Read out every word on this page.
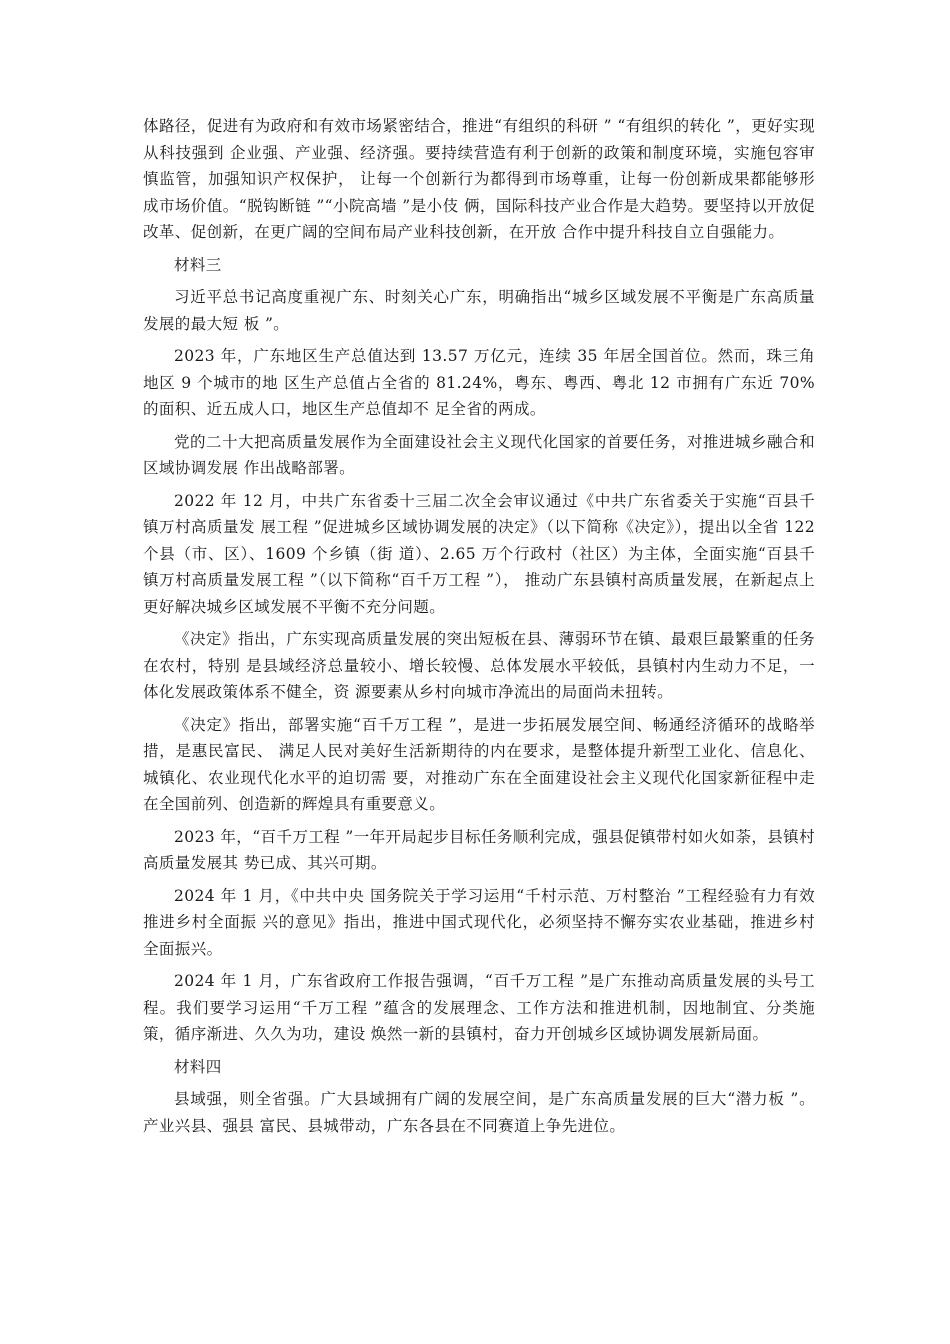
体路径，促进有为政府和有效市场紧密结合，推进“有组织的科研 ” “有组织的转化 ”，更好实现从科技强到 企业强、产业强、经济强。要持续营造有利于创新的政策和制度环境，实施包容审慎监管，加强知识产权保护， 让每一个创新行为都得到市场尊重，让每一份创新成果都能够形成市场价值。“脱钩断链 ”“小院高墙 ”是小伎 俩，国际科技产业合作是大趋势。要坚持以开放促改革、促创新，在更广阔的空间布局产业科技创新，在开放 合作中提升科技自立自强能力。

材料三

习近平总书记高度重视广东、时刻关心广东，明确指出“城乡区域发展不平衡是广东高质量发展的最大短 板 ”。

2023 年，广东地区生产总值达到 13.57 万亿元，连续 35 年居全国首位。然而，珠三角地区 9 个城市的地 区生产总值占全省的 81.24%，粤东、粤西、粤北 12 市拥有广东近 70%的面积、近五成人口，地区生产总值却不 足全省的两成。

党的二十大把高质量发展作为全面建设社会主义现代化国家的首要任务，对推进城乡融合和区域协调发展 作出战略部署。

2022 年 12 月，中共广东省委十三届二次全会审议通过《中共广东省委关于实施“百县千镇万村高质量发 展工程 ”促进城乡区域协调发展的决定》（以下简称《决定》），提出以全省 122 个县（市、区）、1609 个乡镇（街 道）、2.65 万个行政村（社区）为主体，全面实施“百县千镇万村高质量发展工程 ”（以下简称“百千万工程 ”）， 推动广东县镇村高质量发展，在新起点上更好解决城乡区域发展不平衡不充分问题。

《决定》指出，广东实现高质量发展的突出短板在县、薄弱环节在镇、最艰巨最繁重的任务在农村，特别 是县域经济总量较小、增长较慢、总体发展水平较低，县镇村内生动力不足，一体化发展政策体系不健全，资 源要素从乡村向城市净流出的局面尚未扭转。

《决定》指出，部署实施“百千万工程 ”，是进一步拓展发展空间、畅通经济循环的战略举措，是惠民富民、 满足人民对美好生活新期待的内在要求，是整体提升新型工业化、信息化、城镇化、农业现代化水平的迫切需 要，对推动广东在全面建设社会主义现代化国家新征程中走在全国前列、创造新的辉煌具有重要意义。

2023 年，“百千万工程 ”一年开局起步目标任务顺利完成，强县促镇带村如火如荼，县镇村高质量发展其 势已成、其兴可期。

2024 年 1 月，《中共中央 国务院关于学习运用“千村示范、万村整治 ”工程经验有力有效推进乡村全面振 兴的意见》指出，推进中国式现代化，必须坚持不懈夯实农业基础，推进乡村全面振兴。

2024 年 1 月，广东省政府工作报告强调，“百千万工程 ”是广东推动高质量发展的头号工程。我们要学习运用“千万工程 ”蕴含的发展理念、工作方法和推进机制，因地制宜、分类施策，循序渐进、久久为功，建设 焕然一新的县镇村，奋力开创城乡区域协调发展新局面。

材料四

县域强，则全省强。广大县域拥有广阔的发展空间，是广东高质量发展的巨大“潜力板 ”。产业兴县、强县 富民、县城带动，广东各县在不同赛道上争先进位。
